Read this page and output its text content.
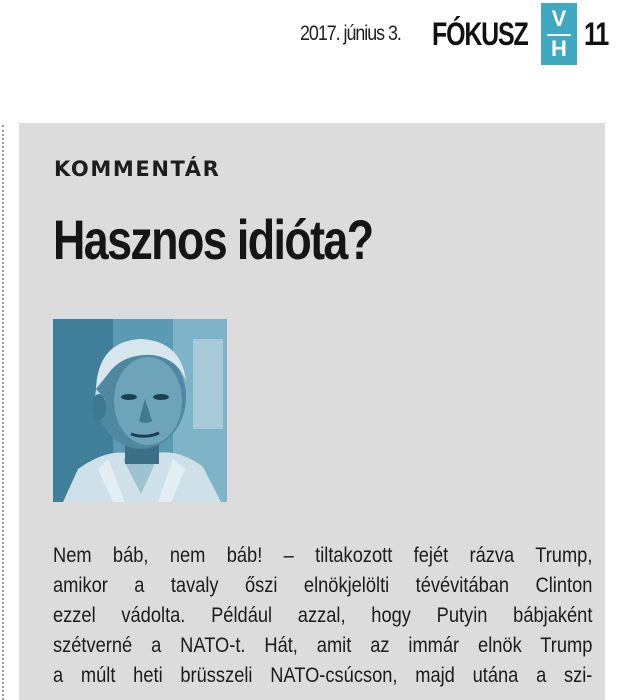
2017. június 3. FÓKUSZ	V
H 11
KOMMENTÁR
Hasznos idióta?
Nem báb, nem báb! – tiltakozott fejét rázva Trump,
amikor a tavaly őszi elnökjelölti tévévitában Clinton
ezzel vádolta. Például azzal, hogy Putyin bábjaként
szétverné a NATO-t. Hát, amit az immár elnök Trump
a múlt heti brüsszeli NATO-csúcson, majd utána a szi-
